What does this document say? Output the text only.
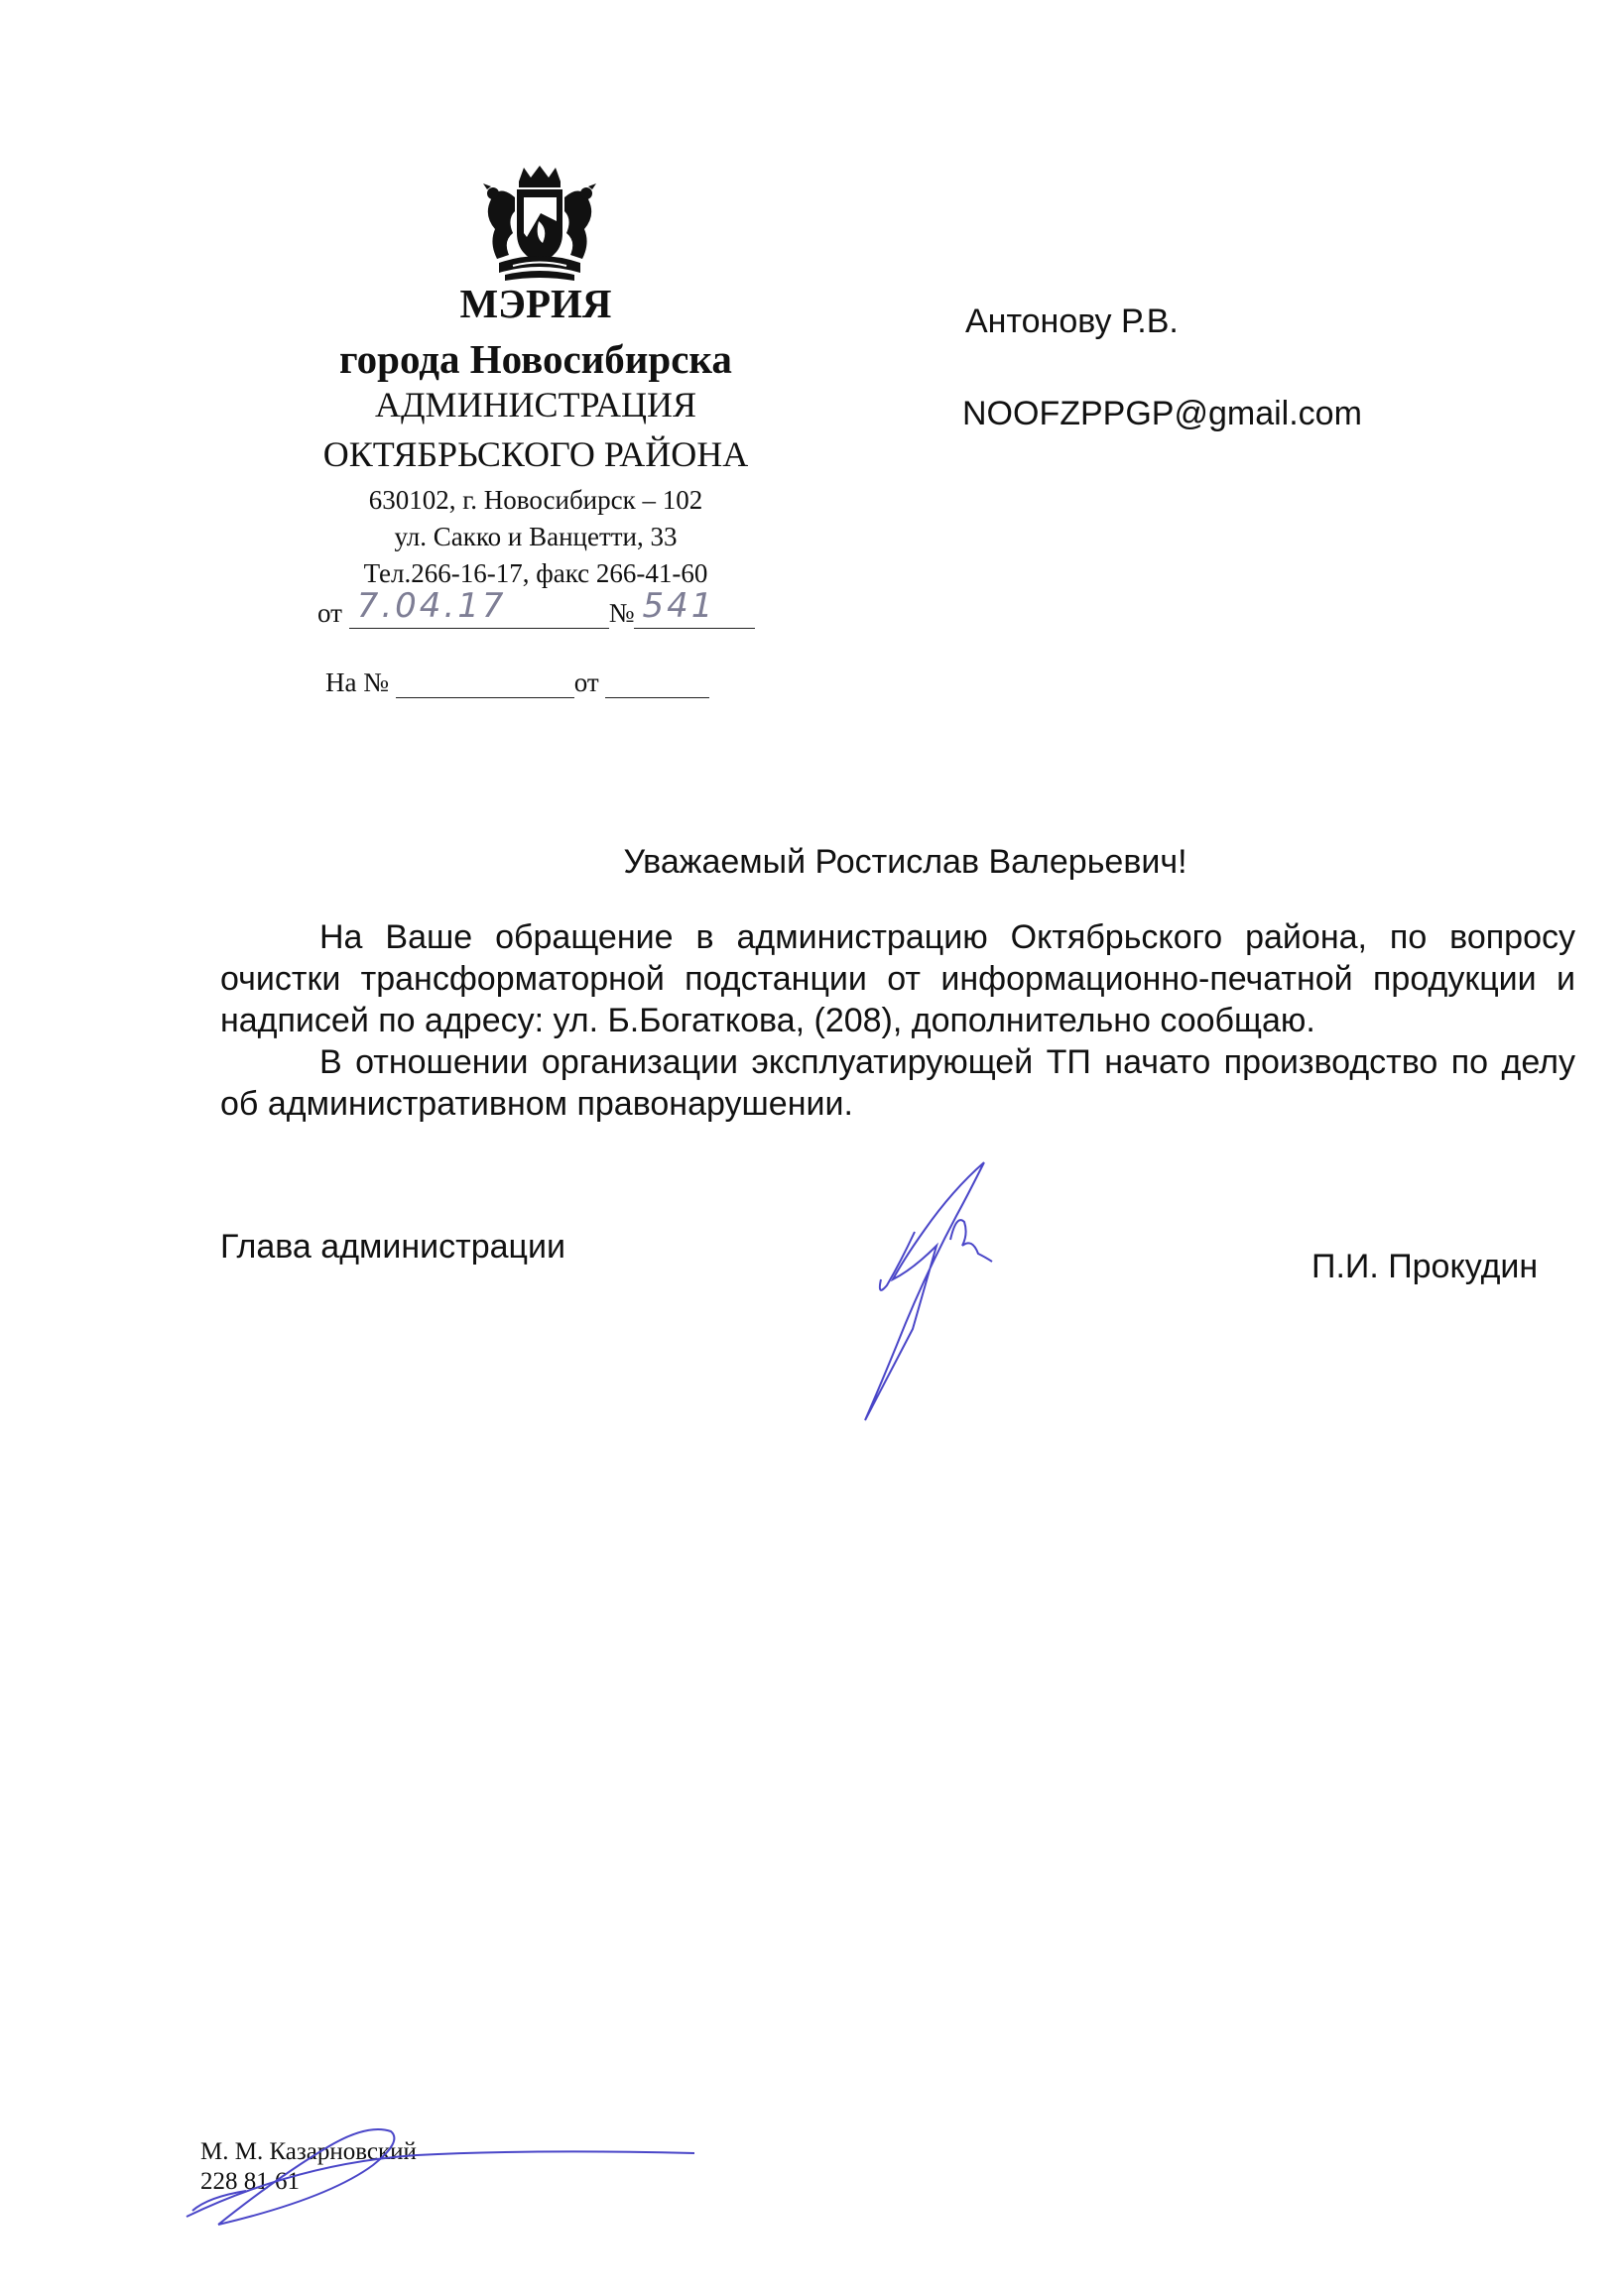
МЭРИЯ
города Новосибирска
АДМИНИСТРАЦИЯ
ОКТЯБРЬСКОГО РАЙОНА
630102, г. Новосибирск – 102
ул. Сакко и Ванцетти, 33
Тел.266-16-17, факс 266-41-60
от 7.04.17	№ 541
На №	от
Антонову Р.В.
NOOFZPPGP@gmail.com
Уважаемый Ростислав Валерьевич!

На Ваше обращение в администрацию Октябрьского района, по вопросу очистки трансформаторной подстанции от информационно-печатной продукции и надписей по адресу: ул. Б.Богаткова, (208), дополнительно сообщаю.

В отношении организации эксплуатирующей ТП начато производство по делу об административном правонарушении.

Глава администрации
П.И. Прокудин
М. М. Казарновский
228 81 61
